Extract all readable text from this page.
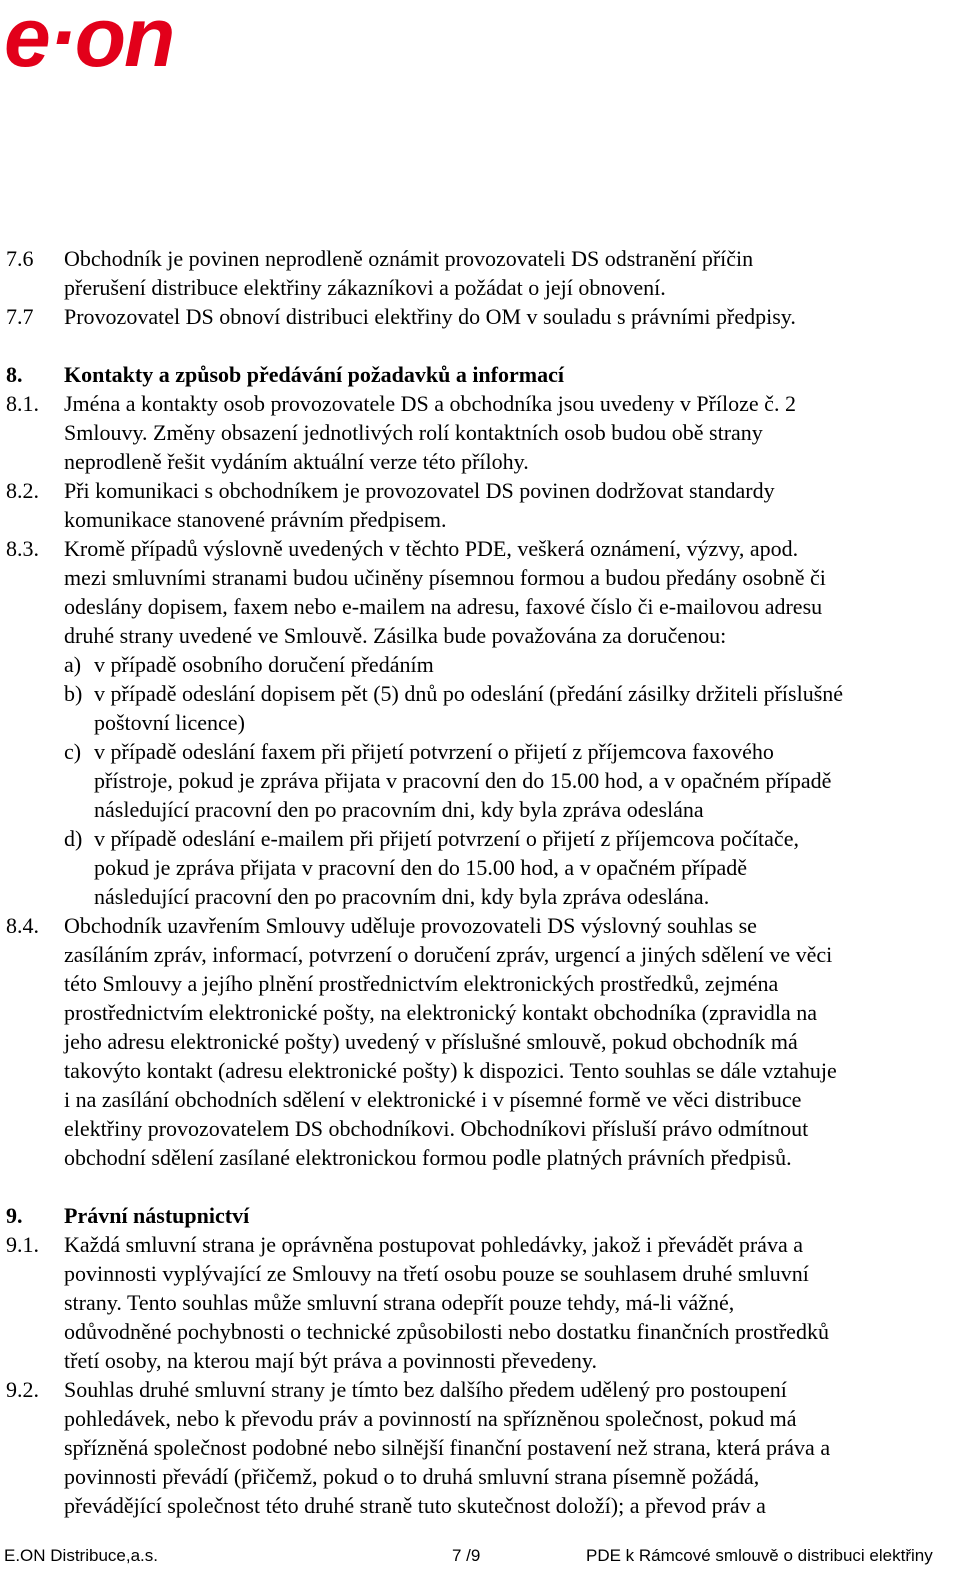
e·on
7.6 Obchodník je povinen neprodleně oznámit provozovateli DS odstranění příčin
přerušení distribuce elektřiny zákazníkovi a požádat o její obnovení.
7.7 Provozovatel DS obnoví distribuci elektřiny do OM v souladu s právními předpisy.
8. Kontakty a způsob předávání požadavků a informací
8.1. Jména a kontakty osob provozovatele DS a obchodníka jsou uvedeny v Příloze č. 2
Smlouvy. Změny obsazení jednotlivých rolí kontaktních osob budou obě strany
neprodleně řešit vydáním aktuální verze této přílohy.
8.2. Při komunikaci s obchodníkem je provozovatel DS povinen dodržovat standardy
komunikace stanovené právním předpisem.
8.3. Kromě případů výslovně uvedených v těchto PDE, veškerá oznámení, výzvy, apod.
mezi smluvními stranami budou učiněny písemnou formou a budou předány osobně či
odeslány dopisem, faxem nebo e-mailem na adresu, faxové číslo či e-mailovou adresu
druhé strany uvedené ve Smlouvě. Zásilka bude považována za doručenou:
a) v případě osobního doručení předáním
b) v případě odeslání dopisem pět (5) dnů po odeslání (předání zásilky držiteli příslušné
poštovní licence)
c) v případě odeslání faxem při přijetí potvrzení o přijetí z příjemcova faxového
přístroje, pokud je zpráva přijata v pracovní den do 15.00 hod, a v opačném případě
následující pracovní den po pracovním dni, kdy byla zpráva odeslána
d) v případě odeslání e-mailem při přijetí potvrzení o přijetí z příjemcova počítače,
pokud je zpráva přijata v pracovní den do 15.00 hod, a v opačném případě
následující pracovní den po pracovním dni, kdy byla zpráva odeslána.
8.4. Obchodník uzavřením Smlouvy uděluje provozovateli DS výslovný souhlas se
zasíláním zpráv, informací, potvrzení o doručení zpráv, urgencí a jiných sdělení ve věci
této Smlouvy a jejího plnění prostřednictvím elektronických prostředků, zejména
prostřednictvím elektronické pošty, na elektronický kontakt obchodníka (zpravidla na
jeho adresu elektronické pošty) uvedený v příslušné smlouvě, pokud obchodník má
takovýto kontakt (adresu elektronické pošty) k dispozici. Tento souhlas se dále vztahuje
i na zasílání obchodních sdělení v elektronické i v písemné formě ve věci distribuce
elektřiny provozovatelem DS obchodníkovi. Obchodníkovi přísluší právo odmítnout
obchodní sdělení zasílané elektronickou formou podle platných právních předpisů.
9. Právní nástupnictví
9.1. Každá smluvní strana je oprávněna postupovat pohledávky, jakož i převádět práva a
povinnosti vyplývající ze Smlouvy na třetí osobu pouze se souhlasem druhé smluvní
strany. Tento souhlas může smluvní strana odepřít pouze tehdy, má-li vážné,
odůvodněné pochybnosti o technické způsobilosti nebo dostatku finančních prostředků
třetí osoby, na kterou mají být práva a povinnosti převedeny.
9.2. Souhlas druhé smluvní strany je tímto bez dalšího předem udělený pro postoupení
pohledávek, nebo k převodu práv a povinností na spřízněnou společnost, pokud má
spřízněná společnost podobné nebo silnější finanční postavení než strana, která práva a
povinnosti převádí (přičemž, pokud o to druhá smluvní strana písemně požádá,
převádějící společnost této druhé straně tuto skutečnost doloží); a převod práv a
E.ON Distribuce,a.s.	7 /9	PDE k Rámcové smlouvě o distribuci elektřiny
